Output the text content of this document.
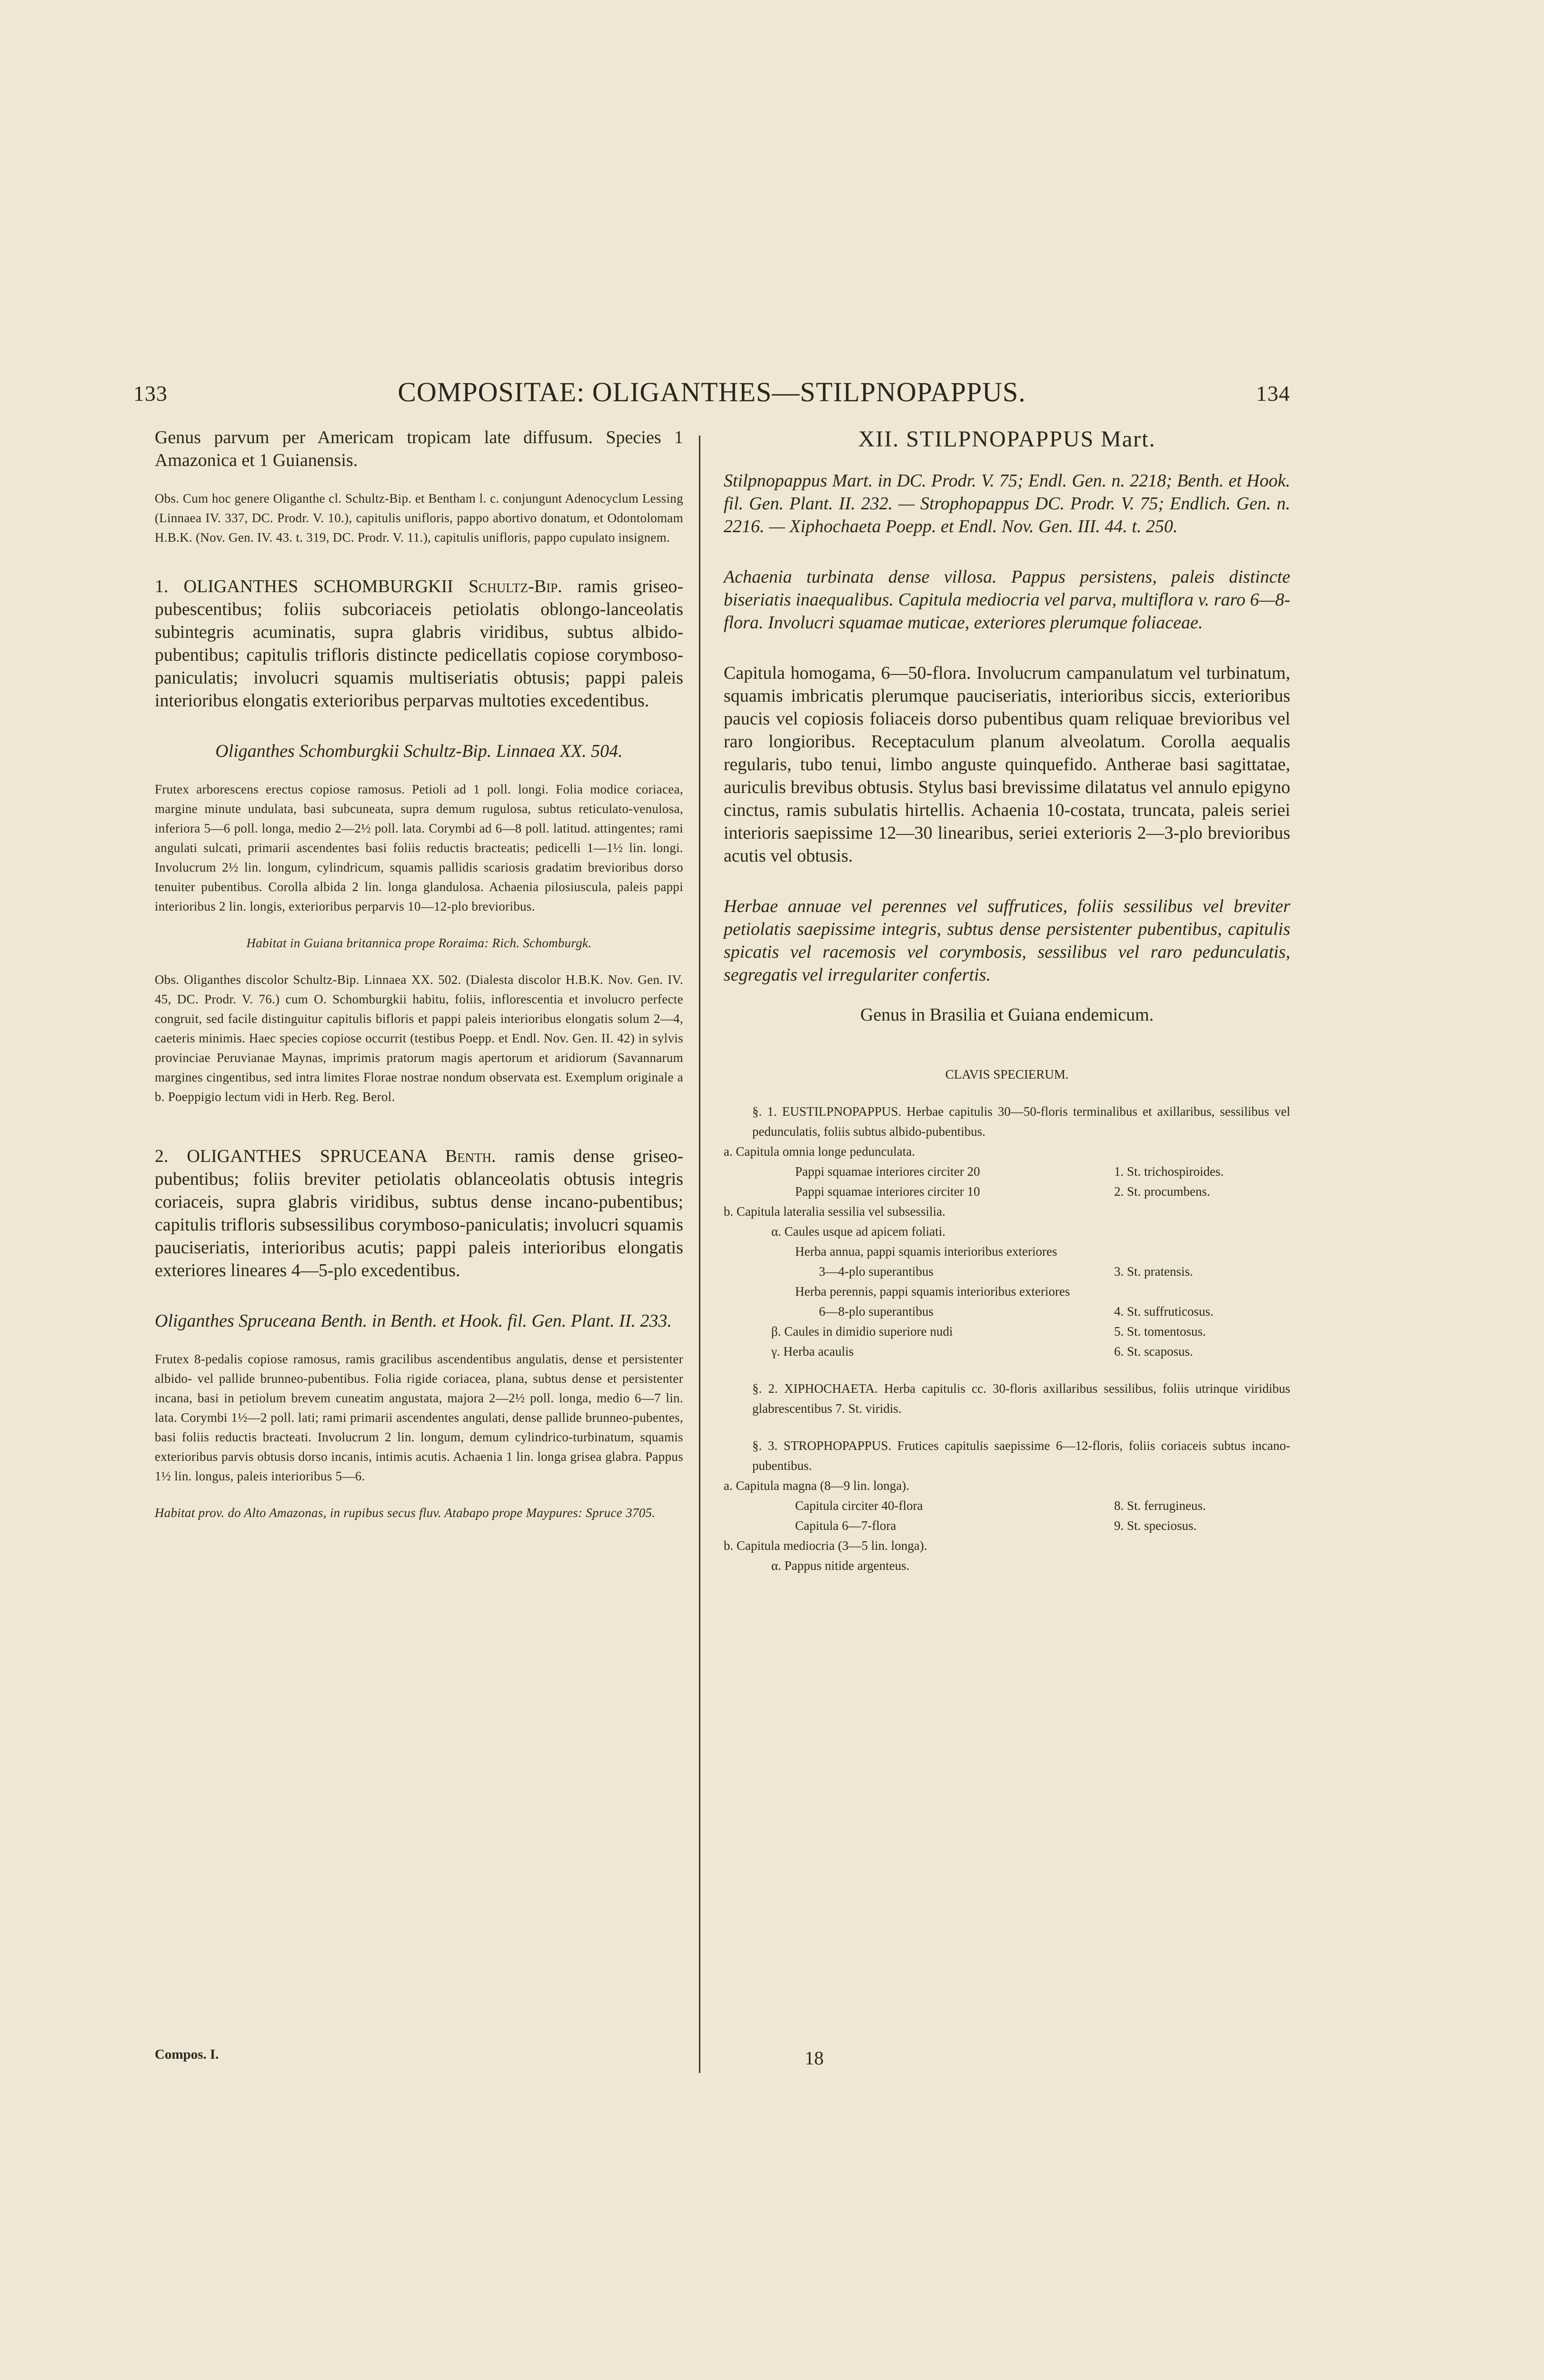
133	COMPOSITAE: OLIGANTHES—STILPNOPAPPUS.	134

Genus parvum per Americam tropicam late diffusum. Species 1 Amazonica et 1 Guianensis.

Obs. Cum hoc genere Oliganthe cl. Schultz-Bip. et Bentham l. c. conjungunt Adenocyclum Lessing (Linnaea IV. 337, DC. Prodr. V. 10.), capitulis unifloris, pappo abortivo donatum, et Odontolomam H.B.K. (Nov. Gen. IV. 43. t. 319, DC. Prodr. V. 11.), capitulis unifloris, pappo cupulato insignem.

1. OLIGANTHES SCHOMBURGKII Schultz-Bip. ramis griseo-pubescentibus; foliis subcoriaceis petiolatis oblongo-lanceolatis subintegris acuminatis, supra glabris viridibus, subtus albido-pubentibus; capitulis trifloris distincte pedicellatis copiose corymboso-paniculatis; involucri squamis multiseriatis obtusis; pappi paleis interioribus elongatis exterioribus perparvas multoties excedentibus.

Oliganthes Schomburgkii Schultz-Bip. Linnaea XX. 504.

Frutex arborescens erectus copiose ramosus. Petioli ad 1 poll. longi. Folia modice coriacea, margine minute undulata, basi subcuneata, supra demum rugulosa, subtus reticulato-venulosa, inferiora 5—6 poll. longa, medio 2—2½ poll. lata. Corymbi ad 6—8 poll. latitud. attingentes; rami angulati sulcati, primarii ascendentes basi foliis reductis bracteatis; pedicelli 1—1½ lin. longi. Involucrum 2½ lin. longum, cylindricum, squamis pallidis scariosis gradatim brevioribus dorso tenuiter pubentibus. Corolla albida 2 lin. longa glandulosa. Achaenia pilosiuscula, paleis pappi interioribus 2 lin. longis, exterioribus perparvis 10—12-plo brevioribus.

Habitat in Guiana britannica prope Roraima: Rich. Schomburgk.

Obs. Oliganthes discolor Schultz-Bip. Linnaea XX. 502. (Dialesta discolor H.B.K. Nov. Gen. IV. 45, DC. Prodr. V. 76.) cum O. Schomburgkii habitu, foliis, inflorescentia et involucro perfecte congruit, sed facile distinguitur capitulis bifloris et pappi paleis interioribus elongatis solum 2—4, caeteris minimis. Haec species copiose occurrit (testibus Poepp. et Endl. Nov. Gen. II. 42) in sylvis provinciae Peruvianae Maynas, imprimis pratorum magis apertorum et aridiorum (Savannarum margines cingentibus, sed intra limites Florae nostrae nondum observata est. Exemplum originale a b. Poeppigio lectum vidi in Herb. Reg. Berol.

2. OLIGANTHES SPRUCEANA Benth. ramis dense griseo-pubentibus; foliis breviter petiolatis oblanceolatis obtusis integris coriaceis, supra glabris viridibus, subtus dense incano-pubentibus; capitulis trifloris subsessilibus corymboso-paniculatis; involucri squamis pauciseriatis, interioribus acutis; pappi paleis interioribus elongatis exteriores lineares 4—5-plo excedentibus.

Oliganthes Spruceana Benth. in Benth. et Hook. fil. Gen. Plant. II. 233.

Frutex 8-pedalis copiose ramosus, ramis gracilibus ascendentibus angulatis, dense et persistenter albido- vel pallide brunneo-pubentibus. Folia rigide coriacea, plana, subtus dense et persistenter incana, basi in petiolum brevem cuneatim angustata, majora 2—2½ poll. longa, medio 6—7 lin. lata. Corymbi 1½—2 poll. lati; rami primarii ascendentes angulati, dense pallide brunneo-pubentes, basi foliis reductis bracteati. Involucrum 2 lin. longum, demum cylindrico-turbinatum, squamis exterioribus parvis obtusis dorso incanis, intimis acutis. Achaenia 1 lin. longa grisea glabra. Pappus 1½ lin. longus, paleis interioribus 5—6.

Habitat prov. do Alto Amazonas, in rupibus secus fluv. Atabapo prope Maypures: Spruce 3705.

XII. STILPNOPAPPUS Mart.

Stilpnopappus Mart. in DC. Prodr. V. 75; Endl. Gen. n. 2218; Benth. et Hook. fil. Gen. Plant. II. 232. — Strophopappus DC. Prodr. V. 75; Endlich. Gen. n. 2216. — Xiphochaeta Poepp. et Endl. Nov. Gen. III. 44. t. 250.

Achaenia turbinata dense villosa. Pappus persistens, paleis distincte biseriatis inaequalibus. Capitula mediocria vel parva, multiflora v. raro 6—8-flora. Involucri squamae muticae, exteriores plerumque foliaceae.

Capitula homogama, 6—50-flora. Involucrum campanulatum vel turbinatum, squamis imbricatis plerumque pauciseriatis, interioribus siccis, exterioribus paucis vel copiosis foliaceis dorso pubentibus quam reliquae brevioribus vel raro longioribus. Receptaculum planum alveolatum. Corolla aequalis regularis, tubo tenui, limbo anguste quinquefido. Antherae basi sagittatae, auriculis brevibus obtusis. Stylus basi brevissime dilatatus vel annulo epigyno cinctus, ramis subulatis hirtellis. Achaenia 10-costata, truncata, paleis seriei interioris saepissime 12—30 linearibus, seriei exterioris 2—3-plo brevioribus acutis vel obtusis.

Herbae annuae vel perennes vel suffrutices, foliis sessilibus vel breviter petiolatis saepissime integris, subtus dense persistenter pubentibus, capitulis spicatis vel racemosis vel corymbosis, sessilibus vel raro pedunculatis, segregatis vel irregulariter confertis.

Genus in Brasilia et Guiana endemicum.

CLAVIS SPECIERUM.

§. 1. EUSTILPNOPAPPUS. Herbae capitulis 30—50-floris terminalibus et axillaribus, sessilibus vel pedunculatis, foliis subtus albido-pubentibus.

a. Capitula omnia longe pedunculata.
Pappi squamae interiores circiter 20	1. St. trichospiroides.
Pappi squamae interiores circiter 10	2. St. procumbens.
b. Capitula lateralia sessilia vel subsessilia.
α. Caules usque ad apicem foliati.
Herba annua, pappi squamis interioribus exteriores
3—4-plo superantibus	3. St. pratensis.
Herba perennis, pappi squamis interioribus exteriores
6—8-plo superantibus	4. St. suffruticosus.
β. Caules in dimidio superiore nudi	5. St. tomentosus.
γ. Herba acaulis	6. St. scaposus.

§. 2. XIPHOCHAETA. Herba capitulis cc. 30-floris axillaribus sessilibus, foliis utrinque viridibus glabrescentibus 7. St. viridis.

§. 3. STROPHOPAPPUS. Frutices capitulis saepissime 6—12-floris, foliis coriaceis subtus incano-pubentibus.

a. Capitula magna (8—9 lin. longa).
Capitula circiter 40-flora	8. St. ferrugineus.
Capitula 6—7-flora	9. St. speciosus.
b. Capitula mediocria (3—5 lin. longa).
α. Pappus nitide argenteus.
Compos. I.	18
